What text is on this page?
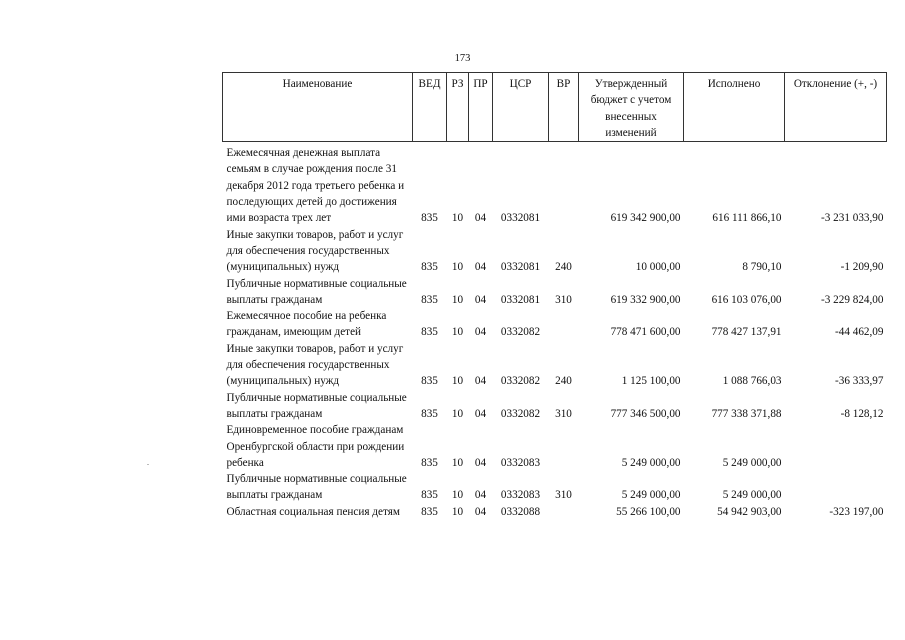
173
Наименование	ВЕД	РЗ	ПР	ЦСР	ВР	Утвержденный бюджет с учетом внесенных изменений	Исполнено	Отклонение (+, -)
Ежемесячная денежная выплата семьям в случае рождения после 31 декабря 2012 года третьего ребенка и последующих детей до достижения ими возраста трех лет	835	10	04	0332081		619 342 900,00	616 111 866,10	-3 231 033,90
Иные закупки товаров, работ и услуг для обеспечения государственных (муниципальных) нужд	835	10	04	0332081	240	10 000,00	8 790,10	-1 209,90
Публичные нормативные социальные выплаты гражданам	835	10	04	0332081	310	619 332 900,00	616 103 076,00	-3 229 824,00
Ежемесячное пособие на ребенка гражданам, имеющим детей	835	10	04	0332082		778 471 600,00	778 427 137,91	-44 462,09
Иные закупки товаров, работ и услуг для обеспечения государственных (муниципальных) нужд	835	10	04	0332082	240	1 125 100,00	1 088 766,03	-36 333,97
Публичные нормативные социальные выплаты гражданам	835	10	04	0332082	310	777 346 500,00	777 338 371,88	-8 128,12
Единовременное пособие гражданам Оренбургской области при рождении ребенка	835	10	04	0332083		5 249 000,00	5 249 000,00	
Публичные нормативные социальные выплаты гражданам	835	10	04	0332083	310	5 249 000,00	5 249 000,00	
Областная социальная пенсия детям	835	10	04	0332088		55 266 100,00	54 942 903,00	-323 197,00
